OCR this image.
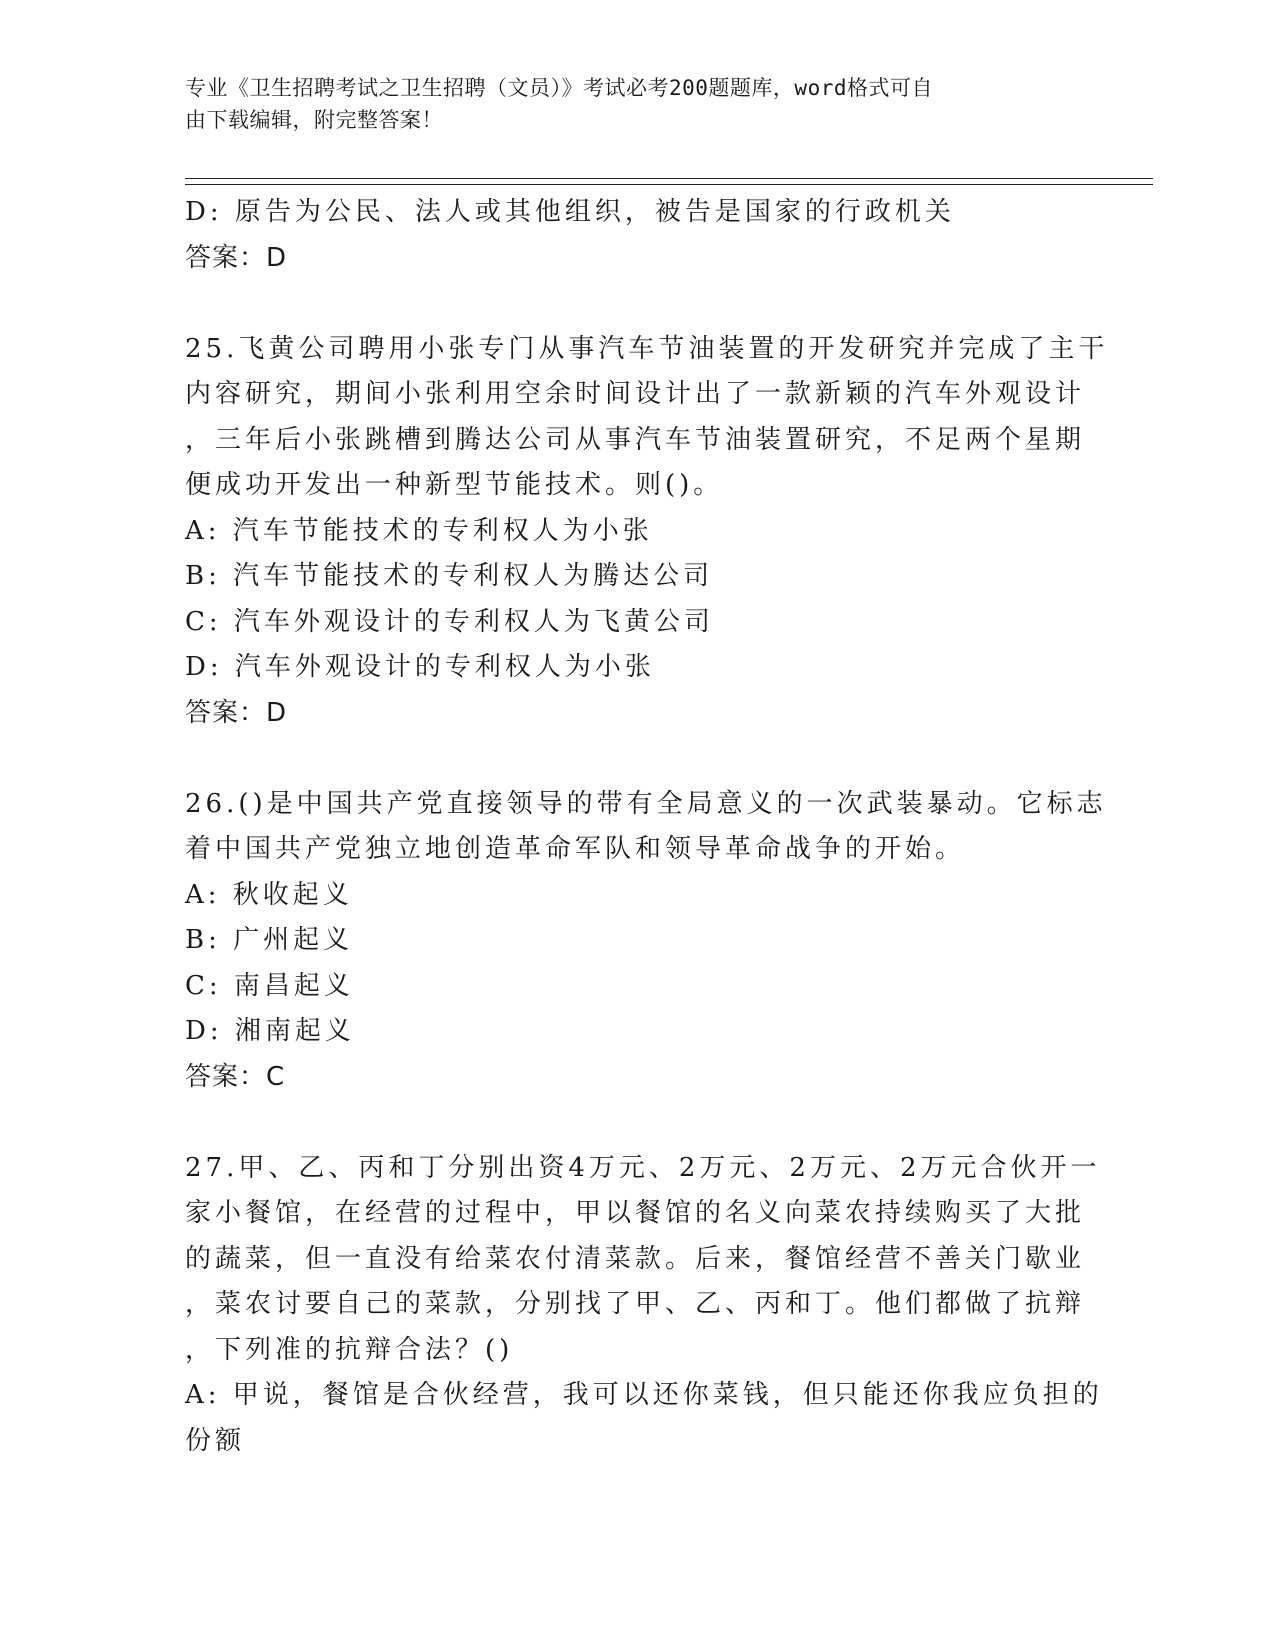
专业《卫生招聘考试之卫生招聘（文员）》考试必考200题题库，word格式可自
由下载编辑，附完整答案！
D: 原告为公民、法人或其他组织，被告是国家的行政机关
答案：D
25.飞黄公司聘用小张专门从事汽车节油装置的开发研究并完成了主干
内容研究，期间小张利用空余时间设计出了一款新颖的汽车外观设计
，三年后小张跳槽到腾达公司从事汽车节油装置研究，不足两个星期
便成功开发出一种新型节能技术。则()。
A: 汽车节能技术的专利权人为小张
B: 汽车节能技术的专利权人为腾达公司
C: 汽车外观设计的专利权人为飞黄公司
D: 汽车外观设计的专利权人为小张
答案：D
26.()是中国共产党直接领导的带有全局意义的一次武装暴动。它标志
着中国共产党独立地创造革命军队和领导革命战争的开始。
A: 秋收起义
B: 广州起义
C: 南昌起义
D: 湘南起义
答案：C
27.甲、乙、丙和丁分别出资4万元、2万元、2万元、2万元合伙开一
家小餐馆，在经营的过程中，甲以餐馆的名义向菜农持续购买了大批
的蔬菜，但一直没有给菜农付清菜款。后来，餐馆经营不善关门歇业
，菜农讨要自己的菜款，分别找了甲、乙、丙和丁。他们都做了抗辩
，下列准的抗辩合法？()
A: 甲说，餐馆是合伙经营，我可以还你菜钱，但只能还你我应负担的
份额
